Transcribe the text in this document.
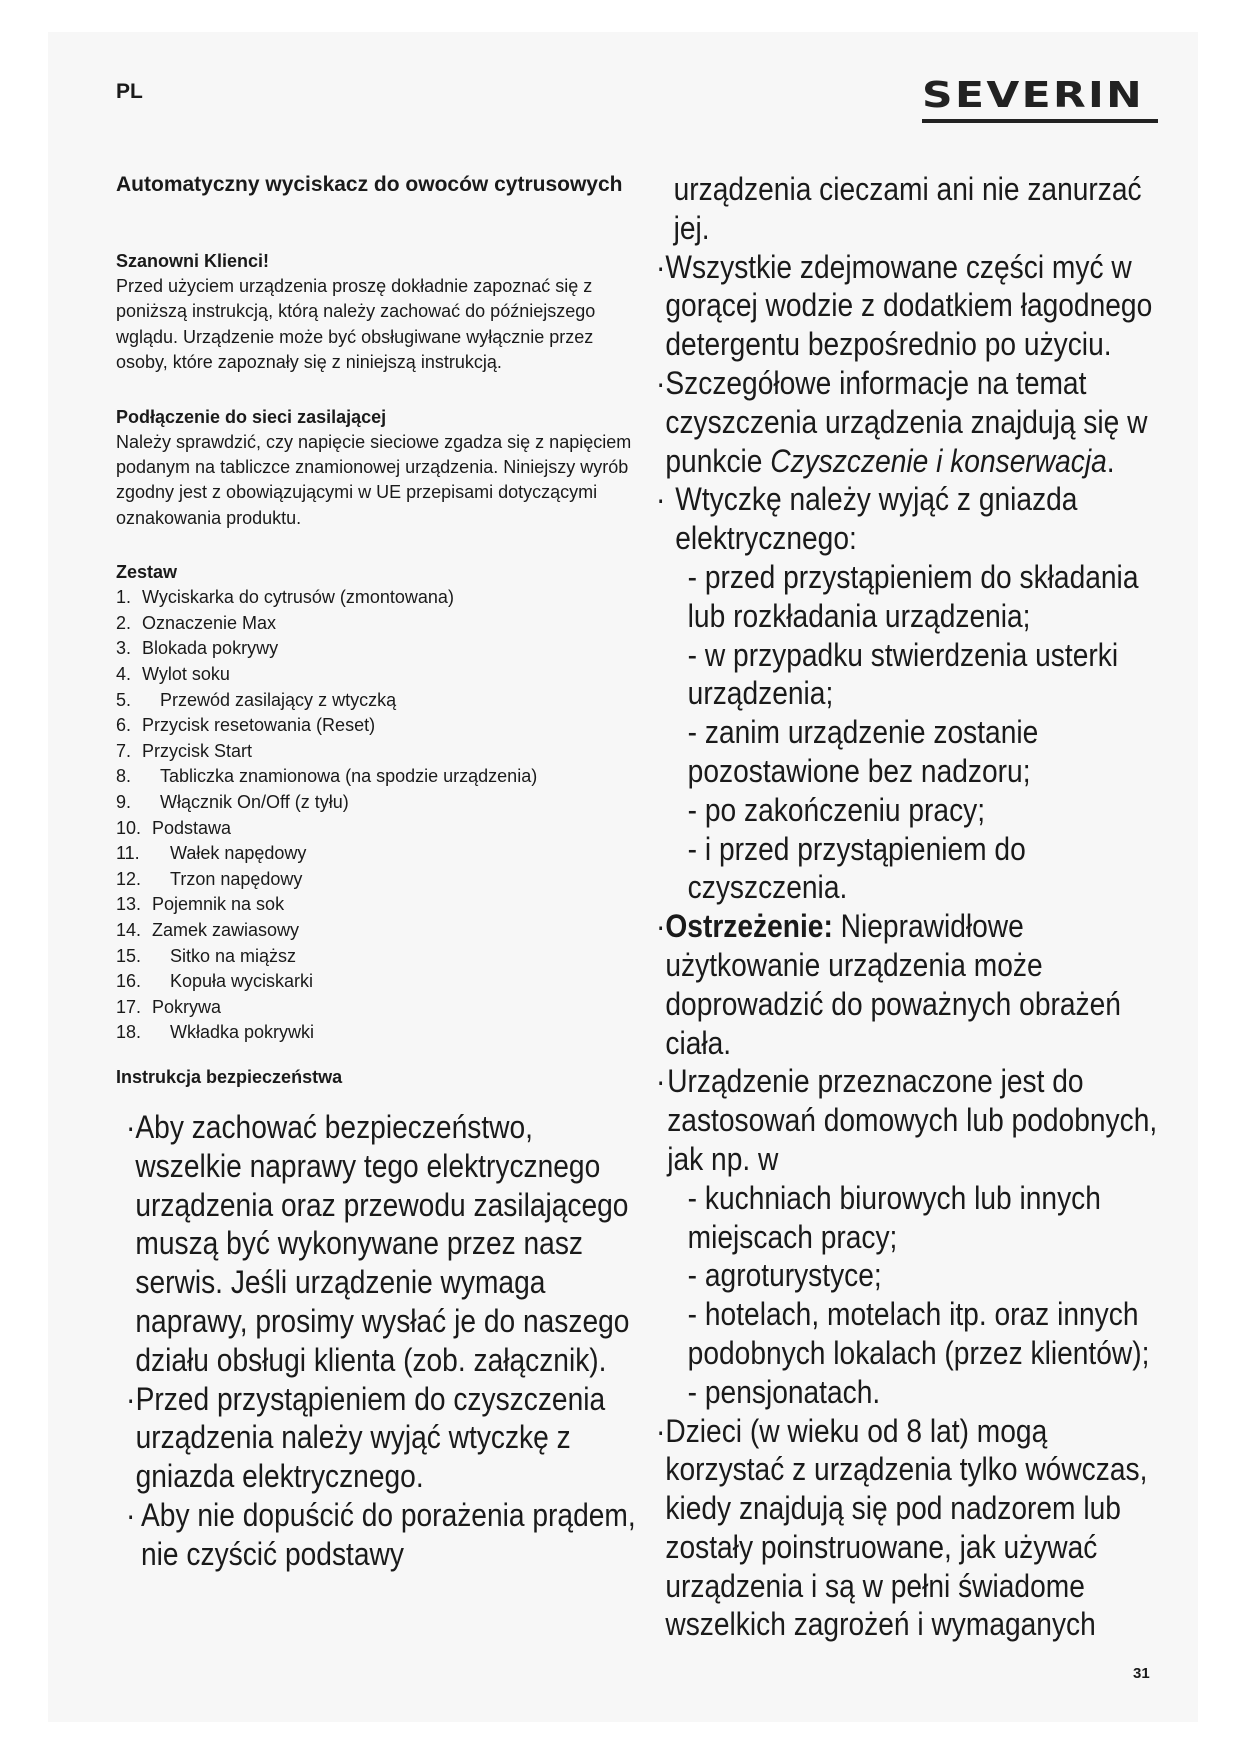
PL	SEVERIN
Automatyczny wyciskacz do owoców cytrusowych

Szanowni Klienci!

Przed użyciem urządzenia proszę dokładnie zapoznać się z poniższą instrukcją, którą należy zachować do późniejszego wglądu. Urządzenie może być obsługiwane wyłącznie przez osoby, które zapoznały się z niniejszą instrukcją.

Podłączenie do sieci zasilającej

Należy sprawdzić, czy napięcie sieciowe zgadza się z napięciem podanym na tabliczce znamionowej urządzenia. Niniejszy wyrób zgodny jest z obowiązującymi w UE przepisami dotyczącymi oznakowania produktu.

Zestaw

1. Wyciskarka do cytrusów (zmontowana)
2. Oznaczenie Max
3. Blokada pokrywy
4. Wylot soku
5.	Przewód zasilający z wtyczką
6. Przycisk resetowania (Reset)
7. Przycisk Start
8.	Tabliczka znamionowa (na spodzie urządzenia)
9.	Włącznik On/Off (z tyłu)
10. Podstawa
11.	Wałek napędowy
12.	Trzon napędowy
13. Pojemnik na sok
14. Zamek zawiasowy
15.	Sitko na miąższ
16.	Kopuła wyciskarki
17. Pokrywa
18.	Wkładka pokrywki

Instrukcja bezpieczeństwa

· Aby zachować bezpieczeństwo, wszelkie naprawy tego elektrycznego urządzenia oraz przewodu zasilającego muszą być wykonywane przez nasz serwis. Jeśli urządzenie wymaga naprawy, prosimy wysłać je do naszego działu obsługi klienta (zob. załącznik).

· Przed przystąpieniem do czyszczenia urządzenia należy wyjąć wtyczkę z gniazda elektrycznego.

· Aby nie dopuścić do porażenia prądem, nie czyścić podstawy

urządzenia cieczami ani nie zanurzać jej.

· Wszystkie zdejmowane części myć w gorącej wodzie z dodatkiem łagodnego detergentu bezpośrednio po użyciu.

· Szczegółowe informacje na temat czyszczenia urządzenia znajdują się w punkcie Czyszczenie i konserwacja.

· Wtyczkę należy wyjąć z gniazda elektrycznego:

- przed przystąpieniem do składania lub rozkładania urządzenia;

- w przypadku stwierdzenia usterki urządzenia;

- zanim urządzenie zostanie pozostawione bez nadzoru;

- po zakończeniu pracy;

- i przed przystąpieniem do czyszczenia.

· Ostrzeżenie: Nieprawidłowe użytkowanie urządzenia może doprowadzić do poważnych obrażeń ciała.

· Urządzenie przeznaczone jest do zastosowań domowych lub podobnych, jak np. w

- kuchniach biurowych lub innych miejscach pracy;

- agroturystyce;

- hotelach, motelach itp. oraz innych podobnych lokalach (przez klientów);

- pensjonatach.

· Dzieci (w wieku od 8 lat) mogą korzystać z urządzenia tylko wówczas, kiedy znajdują się pod nadzorem lub zostały poinstruowane, jak używać urządzenia i są w pełni świadome wszelkich zagrożeń i wymaganych

31
